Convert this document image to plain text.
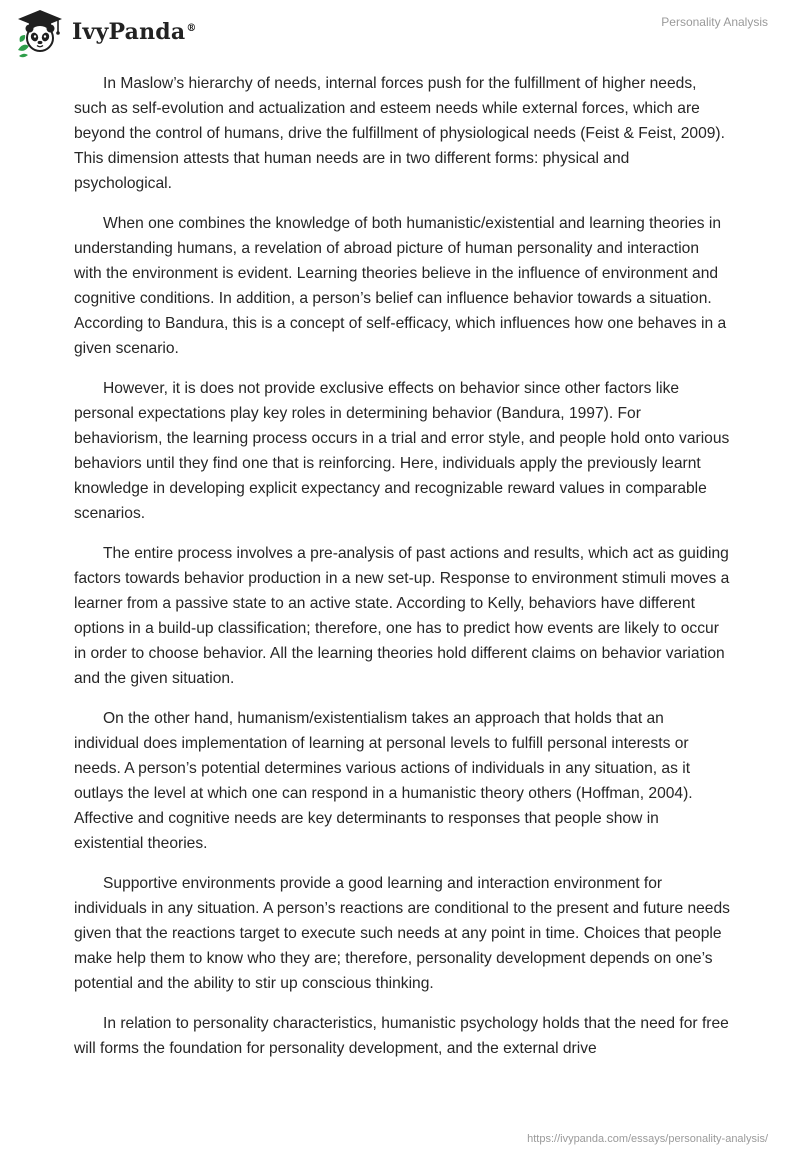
IvyPanda®	Personality Analysis

In Maslow’s hierarchy of needs, internal forces push for the fulfillment of higher needs, such as self-evolution and actualization and esteem needs while external forces, which are beyond the control of humans, drive the fulfillment of physiological needs (Feist & Feist, 2009). This dimension attests that human needs are in two different forms: physical and psychological.

When one combines the knowledge of both humanistic/existential and learning theories in understanding humans, a revelation of abroad picture of human personality and interaction with the environment is evident. Learning theories believe in the influence of environment and cognitive conditions. In addition, a person’s belief can influence behavior towards a situation. According to Bandura, this is a concept of self-efficacy, which influences how one behaves in a given scenario.

However, it is does not provide exclusive effects on behavior since other factors like personal expectations play key roles in determining behavior (Bandura, 1997). For behaviorism, the learning process occurs in a trial and error style, and people hold onto various behaviors until they find one that is reinforcing. Here, individuals apply the previously learnt knowledge in developing explicit expectancy and recognizable reward values in comparable scenarios.

The entire process involves a pre-analysis of past actions and results, which act as guiding factors towards behavior production in a new set-up. Response to environment stimuli moves a learner from a passive state to an active state. According to Kelly, behaviors have different options in a build-up classification; therefore, one has to predict how events are likely to occur in order to choose behavior. All the learning theories hold different claims on behavior variation and the given situation.

On the other hand, humanism/existentialism takes an approach that holds that an individual does implementation of learning at personal levels to fulfill personal interests or needs. A person’s potential determines various actions of individuals in any situation, as it outlays the level at which one can respond in a humanistic theory others (Hoffman, 2004). Affective and cognitive needs are key determinants to responses that people show in existential theories.

Supportive environments provide a good learning and interaction environment for individuals in any situation. A person’s reactions are conditional to the present and future needs given that the reactions target to execute such needs at any point in time. Choices that people make help them to know who they are; therefore, personality development depends on one’s potential and the ability to stir up conscious thinking.

In relation to personality characteristics, humanistic psychology holds that the need for free will forms the foundation for personality development, and the external drive

https://ivypanda.com/essays/personality-analysis/
